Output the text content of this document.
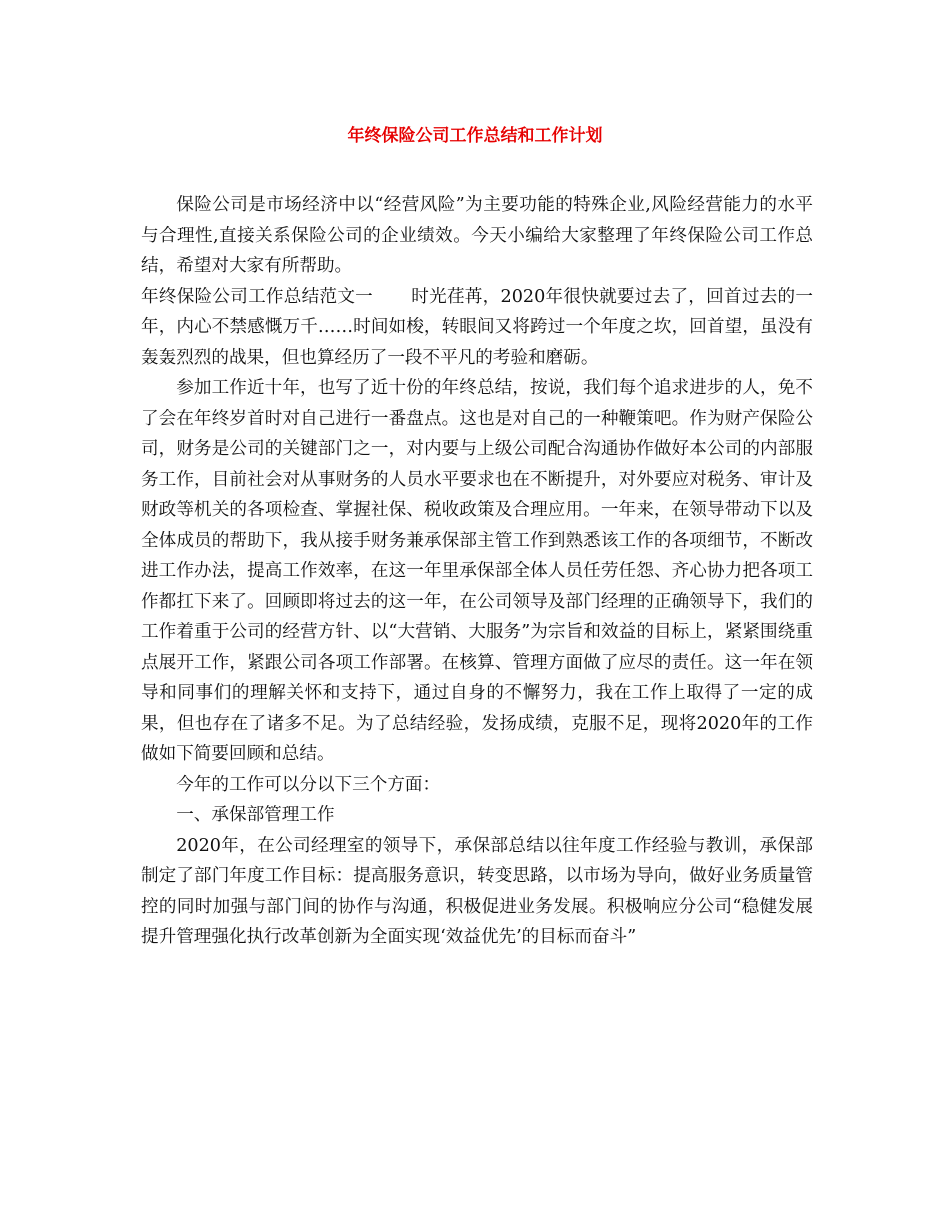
年终保险公司工作总结和工作计划

保险公司是市场经济中以“经营风险”为主要功能的特殊企业,风险经营能力的水平与合理性,直接关系保险公司的企业绩效。今天小编给大家整理了年终保险公司工作总结，希望对大家有所帮助。

年终保险公司工作总结范文一 时光荏苒，2020年很快就要过去了，回首过去的一年，内心不禁感慨万千……时间如梭，转眼间又将跨过一个年度之坎，回首望，虽没有轰轰烈烈的战果，但也算经历了一段不平凡的考验和磨砺。

参加工作近十年，也写了近十份的年终总结，按说，我们每个追求进步的人，免不了会在年终岁首时对自己进行一番盘点。这也是对自己的一种鞭策吧。作为财产保险公司，财务是公司的关键部门之一，对内要与上级公司配合沟通协作做好本公司的内部服务工作，目前社会对从事财务的人员水平要求也在不断提升，对外要应对税务、审计及财政等机关的各项检查、掌握社保、税收政策及合理应用。一年来，在领导带动下以及全体成员的帮助下，我从接手财务兼承保部主管工作到熟悉该工作的各项细节，不断改进工作办法，提高工作效率，在这一年里承保部全体人员任劳任怨、齐心协力把各项工作都扛下来了。回顾即将过去的这一年，在公司领导及部门经理的正确领导下，我们的工作着重于公司的经营方针、以“大营销、大服务”为宗旨和效益的目标上，紧紧围绕重点展开工作，紧跟公司各项工作部署。在核算、管理方面做了应尽的责任。这一年在领导和同事们的理解关怀和支持下，通过自身的不懈努力，我在工作上取得了一定的成果，但也存在了诸多不足。为了总结经验，发扬成绩，克服不足，现将2020年的工作做如下简要回顾和总结。

今年的工作可以分以下三个方面：

一、承保部管理工作

2020年，在公司经理室的领导下，承保部总结以往年度工作经验与教训，承保部制定了部门年度工作目标：提高服务意识，转变思路，以市场为导向，做好业务质量管控的同时加强与部门间的协作与沟通，积极促进业务发展。积极响应分公司“稳健发展提升管理强化执行改革创新为全面实现‘效益优先’的目标而奋斗”
